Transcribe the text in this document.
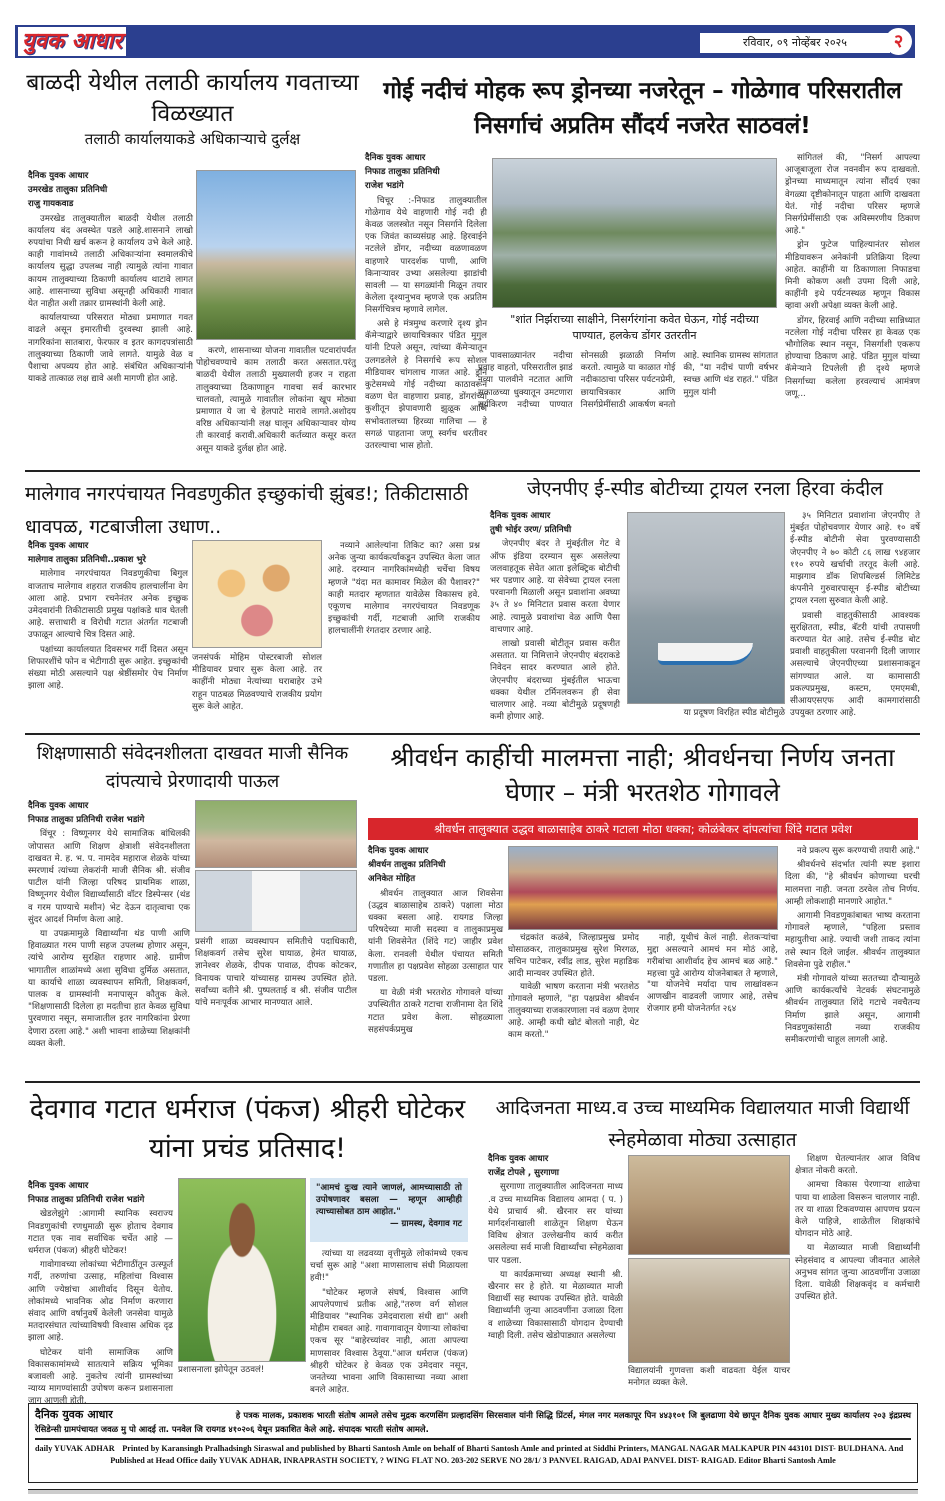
युवक आधार	रविवार, ०९ नोव्हेंबर २०२५	२
बाळदी येथील तलाठी कार्यालय गवताच्या विळख्यात
तलाठी कार्यालयाकडे अधिकाऱ्याचे दुर्लक्ष

दैनिक युवक आधार

उमरखेड तालुका प्रतिनिधी

राजु गायकवाड

उमरखेड तालुक्यातील बाळदी येथील तलाठी कार्यालय बंद अवस्थेत पडले आहे.शासनाने लाखो रुपयांचा निधी खर्च करून हे कार्यालय उभे केले आहे. काही गावांमध्ये तलाठी अधिकाऱ्यांना स्वमालकीचे कार्यालय सुद्धा उपलब्ध नाही त्यामुळे त्यांना गावात कायम तालुक्याच्या ठिकाणी कार्यालय थाटावे लागत आहे. शासनाच्या सुविधा असूनही अधिकारी गावात येत नाहीत अशी तक्रार ग्रामस्थांनी केली आहे.

कार्यालयाच्या परिसरात मोठ्या प्रमाणात गवत वाढले असून इमारतीची दुरवस्था झाली आहे. नागरिकांना सातबारा, फेरफार व इतर कागदपत्रांसाठी तालुक्याच्या ठिकाणी जावे लागते. यामुळे वेळ व पैशाचा अपव्यय होत आहे. संबंधित अधिकाऱ्यांनी याकडे तात्काळ लक्ष द्यावे अशी मागणी होत आहे.

करणे, शासनाच्या योजना गावातील पटवारांपर्यंत पोहोचवण्याचे काम तलाठी करत असतात.परंतु बाळदी येथील तलाठी मुख्यालयी हजर न राहता तालुक्याच्या ठिकाणाहून गावचा सर्व कारभार चालवतो, त्यामुळे गावातील लोकांना खूप मोठ्या प्रमाणात ये जा चे हेलपाटे मारावे लागते.अशोदय वरिष्ठ अधिकाऱ्यांनी लक्ष घालून अधिकाऱ्यावर योग्य ती कारवाई करावी.अधिकारी कर्तव्यात कसूर करत असून याकडे दुर्लक्ष होत आहे.

गोई नदीचं मोहक रूप ड्रोनच्या नजरेतून – गोळेगाव परिसरातील निसर्गाचं अप्रतिम सौंदर्य नजरेत साठवलं!

दैनिक युवक आधार

निफाड तालुका प्रतिनिधी

राजेश भडांगे

चिचूर :-निफाड तालुक्यातील गोळेगाव येथे वाहणारी गोई नदी ही केवळ जलस्त्रोत नसून निसर्गाने दिलेला एक जिवंत काव्यसंग्रह आहे. हिरवाईने नटलेले डोंगर, नदीच्या वळणावळण वाहणारे पारदर्शक पाणी, आणि किनाऱ्यावर उभ्या असलेल्या झाडांची सावली — या सगळ्यांनी मिळून तयार केलेला दृश्यानुभव म्हणजे एक अप्रतिम निसर्गचित्रच म्हणावे लागेल.

"शांत निर्झराच्या साक्षीने, निसर्गरंगांना कवेत घेऊन, गोई नदीच्या पाण्यात, हलकेच डोंगर उतरतीन

असे हे मंत्रमुग्ध करणारे दृश्य ड्रोन कॅमेऱ्याद्वारे छायाचित्रकार पंडित मुगुल यांनी टिपले असून, त्यांच्या कॅमेऱ्यातून उलगडलेले हे निसर्गाचे रूप सोशल मीडियावर चांगलाच गाजत आहे. ड्रोन कुटेसमध्ये गोई नदीच्या काठावरून वळण घेत वाहणारा प्रवाह, डोंगरांच्या कुशीतून झेपावणारी झुळूक आणि सभोवतालच्या हिरव्या गालिचा — हे सगळं पाहताना जणू स्वर्गच धरतीवर उतरल्याचा भास होतो.

पावसाळ्यानंतर नदीचा प्रवाह वाहतो, परिसरातील झाडं नव्या पालवीने नटतात आणि सकाळच्या धुक्यातून उमटणारा सूर्यकिरण नदीच्या पाण्यात सोनसळी झळाळी निर्माण करतो. त्यामुळे या काळात गोई नदीकाठाचा परिसर पर्यटनप्रेमी, छायाचित्रकार आणि निसर्गप्रेमींसाठी आकर्षण बनतो आहे. स्थानिक ग्रामस्थ सांगतात की, "या नदीचं पाणी वर्षभर स्वच्छ आणि थंड राहतं." पंडित मुगुल यांनी

सांगितलं की, "निसर्ग आपल्या आजूबाजूला रोज नवनवीन रूप दाखवतो. ड्रोनच्या माध्यमातून त्यांना सौंदर्य एका वेगळ्या दृष्टीकोनातून पाहता आणि दाखवता येतं. गोई नदीचा परिसर म्हणजे निसर्गप्रेमींसाठी एक अविस्मरणीय ठिकाण आहे."

ड्रोन फुटेज पाहिल्यानंतर सोशल मीडियावरून अनेकांनी प्रतिक्रिया दिल्या आहेत. काहींनी या ठिकाणाला निफाडचा मिनी कोकण अशी उपमा दिली आहे, काहींनी इथे पर्यटनस्थळ म्हणून विकास व्हावा अशी अपेक्षा व्यक्त केली आहे.

डोंगर, हिरवाई आणि नदीच्या सान्निध्यात नटलेला गोई नदीचा परिसर हा केवळ एक भौगोलिक स्थान नसून, निसर्गाशी एकरूप होण्याचा ठिकाण आहे. पंडित मुगुल यांच्या कॅमेऱ्याने टिपलेली ही दृश्ये म्हणजे निसर्गाच्या कलेला हरवल्याचं आमंत्रण जणू...

मालेगाव नगरपंचायत निवडणुकीत इच्छुकांची झुंबड!; तिकीटासाठी धावपळ, गटबाजीला उधाण..

दैनिक युवक आधार

मालेगाव तालुका प्रतिनिधी..प्रकाश भुरे

मालेगाव नगरपंचायत निवडणुकीचा बिगुल वाजताच मालेगाव शहरात राजकीय हालचालींना वेग आला आहे. प्रभाग रचनेनंतर अनेक इच्छुक उमेदवारांनी तिकीटासाठी प्रमुख पक्षांकडे धाव घेतली आहे. सत्ताधारी व विरोधी गटात अंतर्गत गटबाजी उफाळून आल्याचे चित्र दिसत आहे.

पक्षांच्या कार्यालयात दिवसभर गर्दी दिसत असून शिफारशींचे फोन व भेटीगाठी सुरू आहेत. इच्छुकांची संख्या मोठी असल्याने पक्ष श्रेष्ठींसमोर पेच निर्माण झाला आहे.

जनसंपर्क मोहिम पोस्टरबाजी सोशल मीडियावर प्रचार सुरू केला आहे. तर काहींनी मोठ्या नेत्यांच्या घराबाहेर उभे राहून पाठबळ मिळवण्याचे राजकीय प्रयोग सुरू केले आहेत.

नव्याने आलेल्यांना तिकिट का? असा प्रश्न अनेक जुन्या कार्यकर्त्यांकडून उपस्थित केला जात आहे. दरम्यान नागरिकांमध्येही चर्चेचा विषय म्हणजे "यंदा मत कामावर मिळेल की पैशावर?" काही मतदार म्हणतात यावेळेस विकासच हवे. एकूणच मालेगाव नगरपंचायत निवडणूक इच्छुकांची गर्दी, गटबाजी आणि राजकीय हालचालींनी रंगतदार ठरणार आहे.

जेएनपीए ई-स्पीड बोटीच्या ट्रायल रनला हिरवा कंदील

दैनिक युवक आधार

तुषी भोईर उरण/ प्रतिनिधी

जेएनपीए बंदर ते मुंबईतील गेट वे ऑफ इंडिया दरम्यान सुरू असलेल्या जलवाहतूक सेवेत आता इलेक्ट्रिक बोटीची भर पडणार आहे. या सेवेच्या ट्रायल रनला परवानगी मिळाली असून प्रवाशांना अवघ्या ३५ ते ४० मिनिटात प्रवास करता येणार आहे. त्यामुळे प्रवाशांचा वेळ आणि पैसा वाचणार आहे.

लाखो प्रवासी बोटीतून प्रवास करीत असतात. या निमित्ताने जेएनपीए बंदराकडे निवेदन सादर करण्यात आले होते. जेएनपीए बंदराच्या मुंबईतील भाऊचा धक्का येथील टर्मिनलवरून ही सेवा चालणार आहे. नव्या बोटीमुळे प्रदूषणही कमी होणार आहे.	या प्रदूषण विरहित स्पीड बोटीमुळे

३५ मिनिटात प्रवाशांना जेएनपीए ते मुंबईत पोहोचवणार येणार आहे. १० वर्षे ई-स्पीड बोटीनी सेवा पुरवण्यासाठी जेएनपीए ने ७० कोटी ८६ लाख ९४हजार ११० रुपये खर्चाची तरतूद केली आहे. माझगाव डॉक शिपबिल्डर्स लिमिटेड कंपनीने गुरुवारपासून ई-स्पीड बोटीच्या ट्रायल रनला सुरुवात केली आहे.

प्रवासी वाहतुकीसाठी आवश्यक सुरक्षितता, स्पीड, बॅटरी यांची तपासणी करण्यात येत आहे. तसेच ई-स्पीड बोट प्रवाशी वाहतुकीला परवानगी दिली जाणार असल्याचे जेएनपीएच्या प्रशासनाकडून सांगण्यात आले. या कामासाठी प्रकल्पप्रमुख, कस्टम, एमएमबी, सीआयएसएफ आदी कामगारांसाठी उपयुक्त ठरणार आहे.

शिक्षणासाठी संवेदनशीलता दाखवत माजी सैनिक दांपत्याचे प्रेरणादायी पाऊल

दैनिक युवक आधार

निफाड तालुका प्रतिनिधी राजेश भडांगे

विंचूर : विष्णूनगर येथे सामाजिक बांधिलकी जोपासत आणि शिक्षण क्षेत्राशी संवेदनशीलता दाखवत मे. ह. भ. प. नामदेव महाराज शेळके यांच्या स्मरणार्थ त्यांच्या लेकरांनी माजी सैनिक श्री. संजीव पाटील यांनी जिल्हा परिषद प्राथमिक शाळा, विष्णूनगर येथील विद्यार्थ्यांसाठी वॉटर डिस्पेन्सर (थंड व गरम पाण्याचे मशीन) भेट देऊन दातृत्वाचा एक सुंदर आदर्श निर्माण केला आहे.

या उपक्रमामुळे विद्यार्थ्यांना थंड पाणी आणि हिवाळ्यात गरम पाणी सहज उपलब्ध होणार असून, त्यांचे आरोग्य सुरक्षित राहणार आहे. ग्रामीण भागातील शाळांमध्ये अशा सुविधा दुर्मिळ असतात, या कार्याचे शाळा व्यवस्थापन समिती, शिक्षकवर्ग, पालक व ग्रामस्थांनी मनापासून कौतुक केले. "शिक्षणासाठी दिलेला हा मदतीचा हात केवळ सुविधा पुरवणारा नसून, समाजातील इतर नागरिकांना प्रेरणा देणारा ठरला आहे." अशी भावना शाळेच्या शिक्षकांनी व्यक्त केली.

प्रसंगी शाळा व्यवस्थापन समितीचे पदाधिकारी, शिक्षकवर्ग तसेच सुरेश घायाळ, हेमंत घायाळ, ज्ञानेश्वर शेळके, दीपक पावाळ, दीपक कोटकर, विनायक पाचारे यांच्यासह ग्रामस्थ उपस्थित होते. सर्वांच्या वतीने श्री. पुष्पलताई व श्री. संजीव पाटील यांचे मनःपूर्वक आभार मानण्यात आले.
श्रीवर्धन काहींची मालमत्ता नाही; श्रीवर्धनचा निर्णय जनता घेणार – मंत्री भरतशेठ गोगावले
श्रीवर्धन तालुक्यात उद्धव बाळासाहेब ठाकरे गटाला मोठा धक्का; कोळंबेकर दांपत्यांचा शिंदे गटात प्रवेश

दैनिक युवक आधार

श्रीवर्धन तालुका प्रतिनिधी

अनिकेत मोहित

श्रीवर्धन तालुक्यात आज शिवसेना (उद्धव बाळासाहेब ठाकरे) पक्षाला मोठा धक्का बसला आहे. रायगड जिल्हा परिषदेच्या माजी सदस्या व तालुकाप्रमुख यांनी शिवसेनेत (शिंदे गट) जाहीर प्रवेश केला. रानवली येथील पंचायत समिती गणातील हा पक्षप्रवेश सोहळा उत्साहात पार पडला.

या वेळी मंत्री भरतशेठ गोगावले यांच्या उपस्थितीत ठाकरे गटाचा राजीनामा देत शिंदे गटात प्रवेश केला. सोहळ्याला सहसंपर्कप्रमुख

चंद्रकांत कळंबे, जिल्हाप्रमुख प्रमोद घोसाळकर, तालुकाप्रमुख सुरेश मिरगळ, सचिन पाटेकर, रवींद्र लाड, सुरेश महाडिक आदी मान्यवर उपस्थित होते.

यावेळी भाषण करताना मंत्री भरतशेठ गोगावले म्हणाले, "हा पक्षप्रवेश श्रीवर्धन तालुक्याच्या राजकारणाला नवं वळण देणार आहे. आम्ही कधी खोटं बोलतो नाही, थेट काम करतो."

नाही, यूथीचं केलं नाही. शेतकऱ्यांचा मुद्दा असल्याने आमचं मन मोठं आहे, गरीबांचा आशीर्वाद हेच आमचं बळ आहे." महत्त्वा पुढे आरोग्य योजनेबाबत ते म्हणाले, "या योजनेचे मर्यादा पाच लाखांवरून आणखीन वाढवली जाणार आहे, तसेच रोजगार हमी योजनेतर्गत २६४

नवे प्रकल्प सुरू करण्याची तयारी आहे."

श्रीवर्धनचे संदर्भात त्यांनी स्पष्ट इशारा दिला की, "हे श्रीवर्धन कोणाच्या घरची मालमत्ता नाही. जनता ठरवेल तोच निर्णय. आम्ही लोकशाही मानणारे आहोत."

आगामी निवडणुकांबाबत भाष्य करताना गोगावले म्हणाले, "पहिला प्रस्ताव महायुतीचा आहे. ज्याची जशी ताकद त्यांना तसे स्थान दिले जाईल. श्रीवर्धन तालुक्यात शिवसेना पुढे राहील."

मंत्री गोगावले यांच्या सततच्या दौऱ्यामुळे आणि कार्यकर्त्यांचे नेटवर्क संघटनामुळे श्रीवर्धन तालुक्यात शिंदे गटाचे नवचैतन्य निर्माण झाले असून, आगामी निवडणुकांसाठी नव्या राजकीय समीकरणांची चाहूल लागली आहे.

देवगाव गटात धर्मराज (पंकज) श्रीहरी घोटेकर यांना प्रचंड प्रतिसाद!

दैनिक युवक आधार

निफाड तालुका प्रतिनिधी राजेश भडांगे

खेडलेझुंगे :आगामी स्थानिक स्वराज्य निवडणुकांची रणधुमाळी सुरू होताच देवगाव गटात एक नाव सर्वाधिक चर्चेत आहे — धर्मराज (पंकज) श्रीहरी घोटेकर!

गावोगावच्या लोकांच्या भेटीगाठींतून उत्स्फूर्त गर्दी, तरुणांचा उत्साह, महिलांचा विश्वास आणि ज्येष्ठांचा आशीर्वाद दिसून येतोय. लोकांमध्ये भावनिक ओढ निर्माण करणारा संवाद आणि वर्षानुवर्षे केलेली जनसेवा यामुळे मतदारसंघात त्यांच्याविषयी विश्वास अधिक दृढ झाला आहे.

घोटेकर यांनी सामाजिक आणि विकासकामांमध्ये सातत्याने सक्रिय भूमिका बजावली आहे. नुकतेच त्यांनी ग्रामस्थांच्या न्याय्य मागण्यांसाठी उपोषण करून प्रशासनाला जाग आणली होती.

प्रशासनाला झोपेतून उठवलं!
"आमचं दुःख त्याने जाणलं, आमच्यासाठी तो उपोषणावर बसला — म्हणून आम्हीही त्याच्यासोबत ठाम आहोत."
— ग्रामस्थ, देवगाव गट

त्यांच्या या लढवय्या वृत्तीमुळे लोकांमध्ये एकच चर्चा सुरू आहे "अशा माणसालाच संधी मिळायला हवी!"

"घोटेकर म्हणजे संघर्ष, विश्वास आणि आपलेपणाचं प्रतीक आहे,"तरुण वर्ग सोशल मीडियावर "स्थानिक उमेदवाराला संधी द्या" अशी मोहीम राबवत आहे. गावागावातून येणाऱ्या लोकांचा एकच सूर "बाहेरच्यांवर नाही, आता आपल्या माणसावर विश्वास ठेवूया."आज धर्मराज (पंकज) श्रीहरी घोटेकर हे केवळ एक उमेदवार नसून, जनतेच्या भावना आणि विकासाच्या नव्या आशा बनले आहेत.

आदिजनता माध्य.व उच्च माध्यमिक विद्यालयात माजी विद्यार्थी स्नेहमेळावा मोठ्या उत्साहात

दैनिक युवक आधार

राजेंद्र टोपले , सुरगाणा

सुरगाणा तालुक्यातील आदिजनता माध्य .व उच्च माध्यमिक विद्यालय आमदा ( प. ) येथे प्राचार्य श्री. खैरनार सर यांच्या मार्गदर्शनाखाली शाळेतून शिक्षण घेऊन विविध क्षेत्रात उल्लेखनीय कार्य करीत असलेल्या सर्व माजी विद्यार्थ्यांचा स्नेहमेळावा पार पडला.

या कार्यक्रमाच्या अध्यक्ष स्थानी श्री. खैरनार सर हे होते. या मेळाव्यात माजी विद्यार्थी सह स्थापक उपस्थित होते. यावेळी विद्यार्थ्यांनी जुन्या आठवणींना उजाळा दिला व शाळेच्या विकासासाठी योगदान देण्याची ग्वाही दिली. तसेच खेडोपाड्यात असलेल्या

विद्यालयांनी गुणवत्ता कशी वाढवता येईल याचर मनोगत व्यक्त केले.

शिक्षण घेतल्यानंतर आज विविध क्षेत्रात नोकरी करतो.

आमचा विकास पेरणाऱ्या शाळेचा पाया या शाळेला विसरून चालणार नाही. तर या शाळा टिकवण्यास आपणच प्रयत्न केले पाहिजे, शाळेतील शिक्षकांचे योगदान मोठे आहे.

या मेळाव्यात माजी विद्यार्थ्यांनी स्नेहसंवाद व आपल्या जीवनात आलेले अनुभव सांगत जुन्या आठवणींना उजाळा दिला. यावेळी शिक्षकवृंद व कर्मचारी उपस्थित होते.

दैनिक युवक आधार	हे पत्रक मालक, प्रकाशक भारती संतोष आमले तसेच मुद्रक करणसिंग प्रल्हादसिंग सिरसवाल यांनी सिद्धि प्रिंटर्स, मंगल नगर मलकापूर पिन ४४३१०१ जि बुलढाणा येथे छापून दैनिक युवक आधार मुख्य कार्यालय २०३ इंद्रप्रस्थ रेसिडेन्सी ग्रामपंचायत जवळ मु पो आदई ता. पनवेल जि रायगड ४१०२०६ येथून प्रकाशित केले आहे. संपादक भारती संतोष आमले.
daily YUVAK ADHAR Printed by Karansingh Pralhadsingh Siraswal and published by Bharti Santosh Amle on behalf of Bharti Santosh Amle and printed at Siddhi Printers, MANGAL NAGAR MALKAPUR PIN 443101 DIST- BULDHANA. And Published at Head Office daily YUVAK ADHAR, INRAPRASTH SOCIETY, ? WING FLAT NO. 203-202 SERVE NO 28/1/ 3 PANVEL RAIGAD, ADAI PANVEL DIST- RAIGAD. Editor Bharti Santosh Amle
